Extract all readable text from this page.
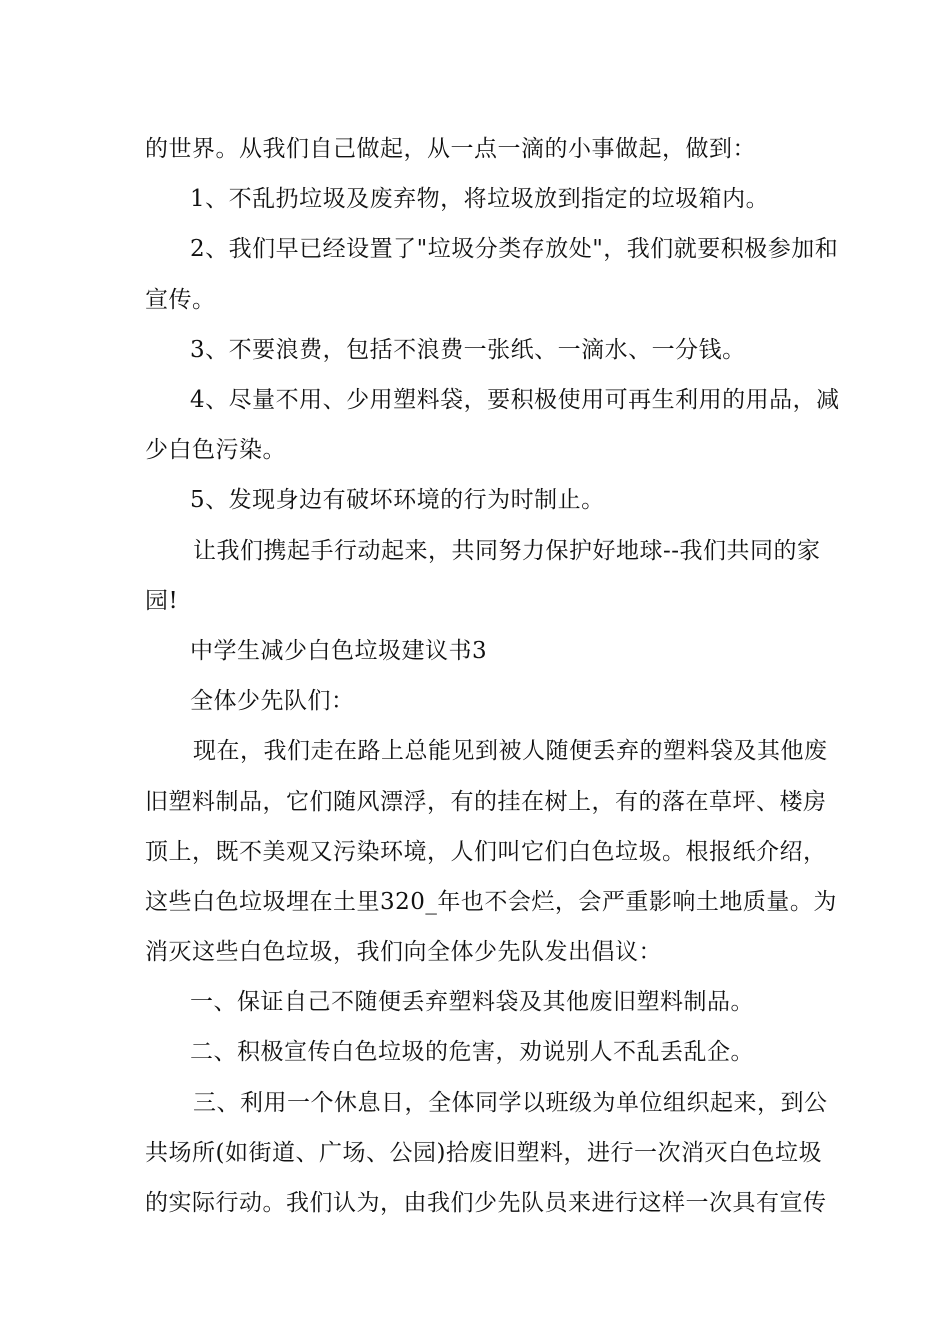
的世界。从我们自己做起，从一点一滴的小事做起，做到：
1、不乱扔垃圾及废弃物，将垃圾放到指定的垃圾箱内。
2、我们早已经设置了"垃圾分类存放处"，我们就要积极参加和
宣传。
3、不要浪费，包括不浪费一张纸、一滴水、一分钱。
4、尽量不用、少用塑料袋，要积极使用可再生利用的用品，减
少白色污染。
5、发现身边有破坏环境的行为时制止。
让我们携起手行动起来，共同努力保护好地球--我们共同的家
园!
中学生减少白色垃圾建议书3
全体少先队们：
现在，我们走在路上总能见到被人随便丢弃的塑料袋及其他废
旧塑料制品，它们随风漂浮，有的挂在树上，有的落在草坪、楼房
顶上，既不美观又污染环境，人们叫它们白色垃圾。根报纸介绍，
这些白色垃圾埋在土里320_年也不会烂，会严重影响土地质量。为
消灭这些白色垃圾，我们向全体少先队发出倡议：
一、保证自己不随便丢弃塑料袋及其他废旧塑料制品。
二、积极宣传白色垃圾的危害，劝说别人不乱丢乱企。
三、利用一个休息日，全体同学以班级为单位组织起来，到公
共场所(如街道、广场、公园)拾废旧塑料，进行一次消灭白色垃圾
的实际行动。我们认为，由我们少先队员来进行这样一次具有宣传
